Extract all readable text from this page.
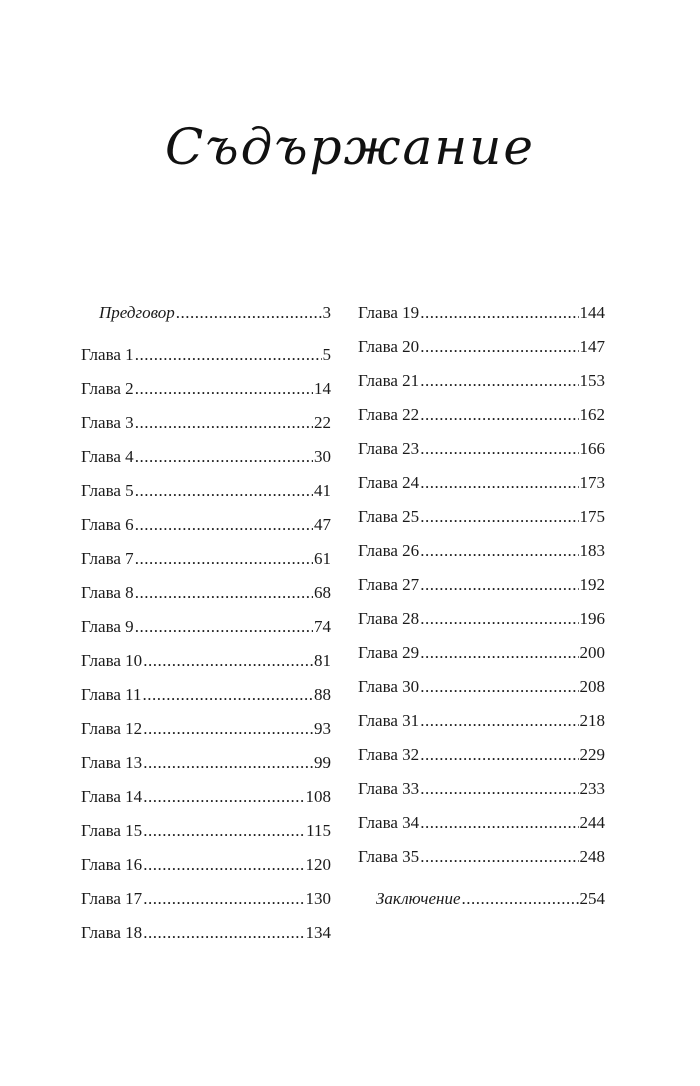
Съдържание
Предговор .....	3
Глава 1 .....	5
Глава 2 .....	14
Глава 3 .....	22
Глава 4 .....	30
Глава 5 .....	41
Глава 6 .....	47
Глава 7 .....	61
Глава 8 .....	68
Глава 9 .....	74
Глава 10 .....	81
Глава 11 .....	88
Глава 12 .....	93
Глава 13 .....	99
Глава 14 .....	108
Глава 15 .....	115
Глава 16 .....	120
Глава 17 .....	130
Глава 18 .....	134
Глава 19 .....	144
Глава 20 .....	147
Глава 21 .....	153
Глава 22 .....	162
Глава 23 .....	166
Глава 24 .....	173
Глава 25 .....	175
Глава 26 .....	183
Глава 27 .....	192
Глава 28 .....	196
Глава 29 .....	200
Глава 30 .....	208
Глава 31 .....	218
Глава 32 .....	229
Глава 33 .....	233
Глава 34 .....	244
Глава 35 .....	248
Заключение .....	254
